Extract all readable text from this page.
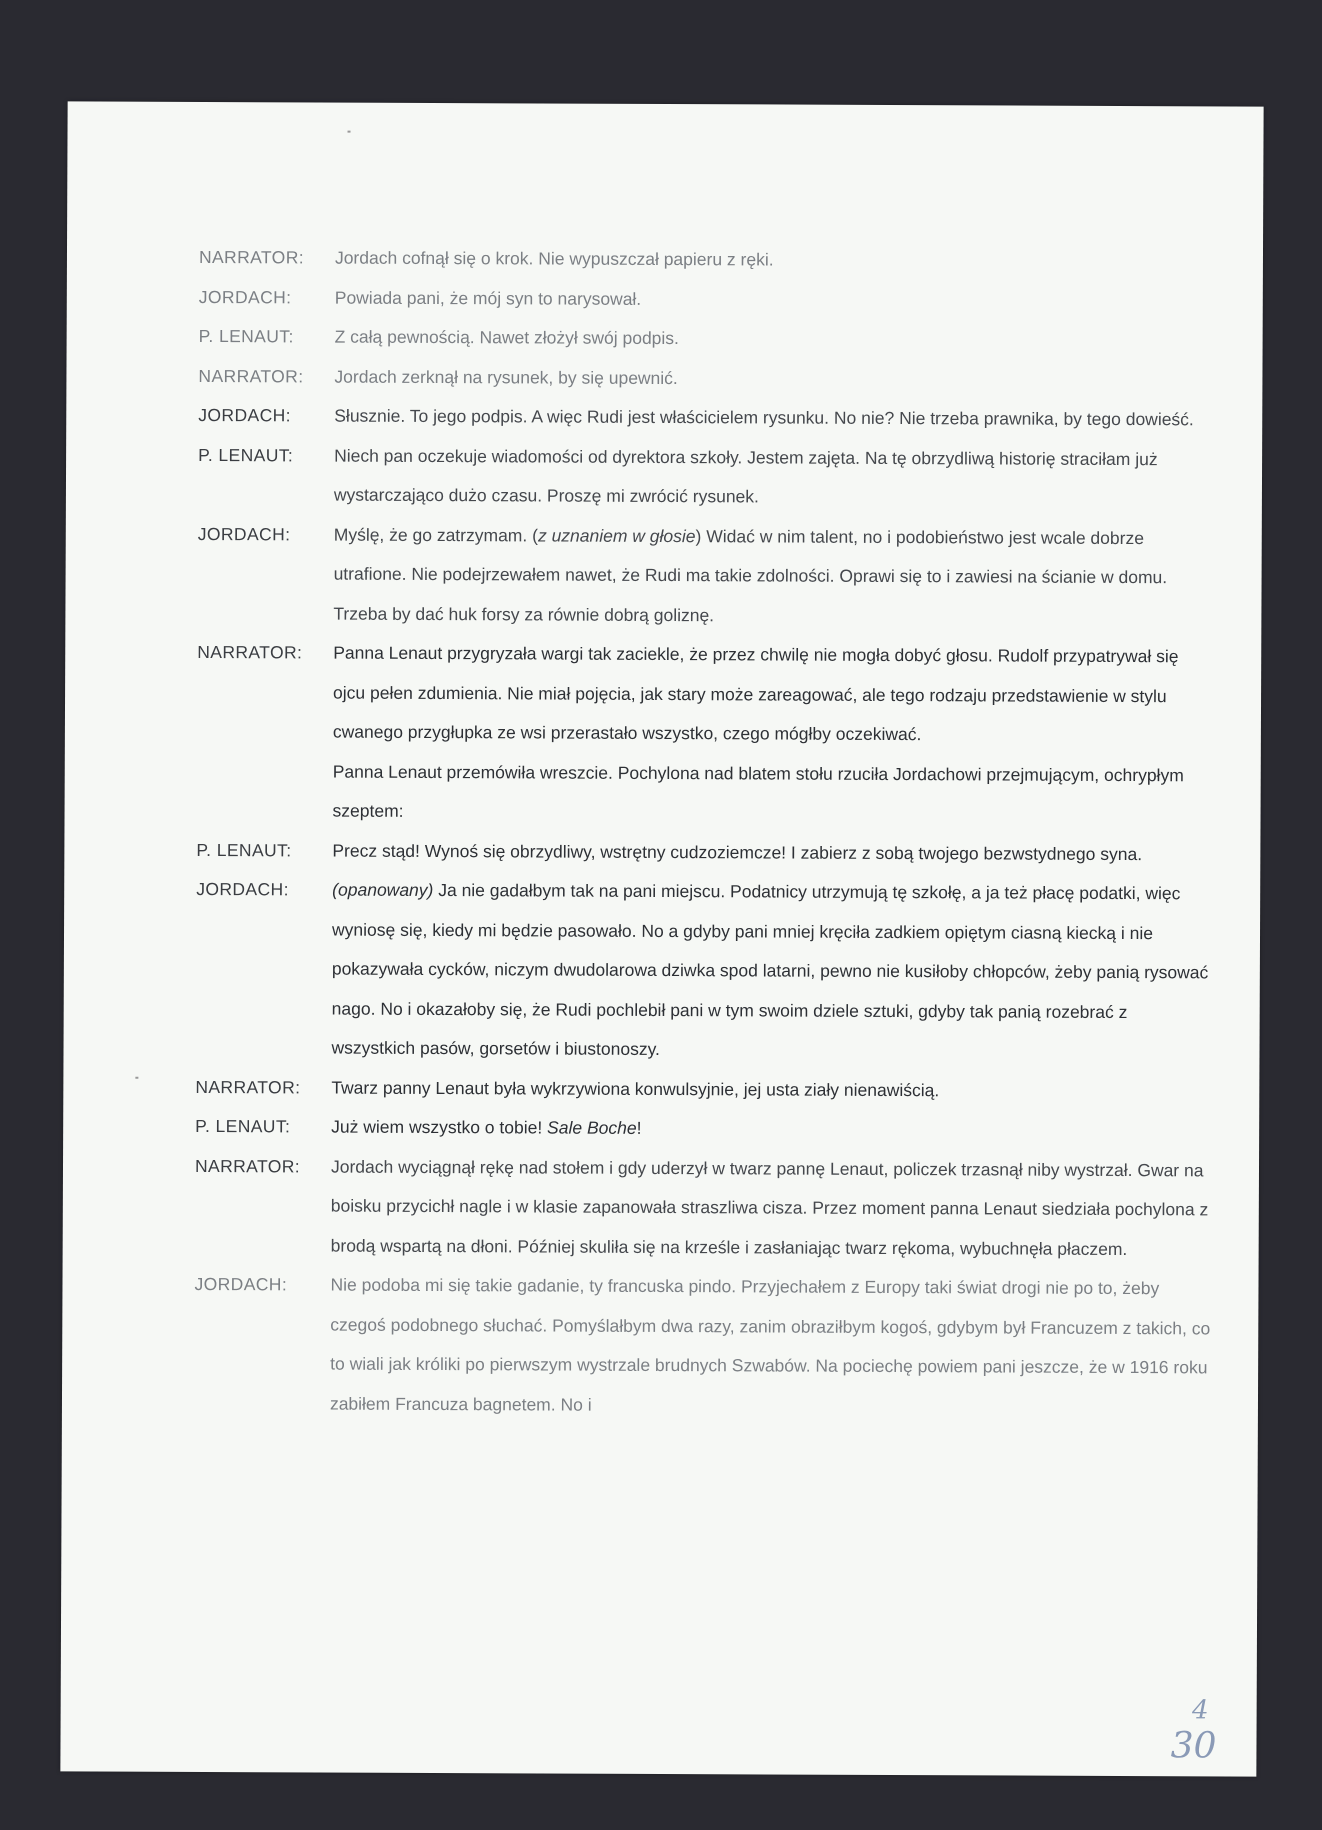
NARRATOR:	Jordach cofnął się o krok. Nie wypuszczał papieru z ręki.
JORDACH:	Powiada pani, że mój syn to narysował.
P. LENAUT:	Z całą pewnością. Nawet złożył swój podpis.
NARRATOR:	Jordach zerknął na rysunek, by się upewnić.
JORDACH:	Słusznie. To jego podpis. A więc Rudi jest właścicielem rysunku. No nie? Nie trzeba prawnika, by tego dowieść.
P. LENAUT:	Niech pan oczekuje wiadomości od dyrektora szkoły. Jestem zajęta. Na tę obrzydliwą historię straciłam już wystarczająco dużo czasu. Proszę mi zwrócić rysunek.
JORDACH:	Myślę, że go zatrzymam. (z uznaniem w głosie) Widać w nim talent, no i podobieństwo jest wcale dobrze utrafione. Nie podejrzewałem nawet, że Rudi ma takie zdolności. Oprawi się to i zawiesi na ścianie w domu. Trzeba by dać huk forsy za równie dobrą goliznę.
NARRATOR:	Panna Lenaut przygryzała wargi tak zaciekle, że przez chwilę nie mogła dobyć głosu. Rudolf przypatrywał się ojcu pełen zdumienia. Nie miał pojęcia, jak stary może zareagować, ale tego rodzaju przedstawienie w stylu cwanego przygłupka ze wsi przerastało wszystko, czego mógłby oczekiwać.
Panna Lenaut przemówiła wreszcie. Pochylona nad blatem stołu rzuciła Jordachowi przejmującym, ochrypłym szeptem:
P. LENAUT:	Precz stąd! Wynoś się obrzydliwy, wstrętny cudzoziemcze! I zabierz z sobą twojego bezwstydnego syna.
JORDACH:	(opanowany) Ja nie gadałbym tak na pani miejscu. Podatnicy utrzymują tę szkołę, a ja też płacę podatki, więc wyniosę się, kiedy mi będzie pasowało. No a gdyby pani mniej kręciła zadkiem opiętym ciasną kiecką i nie pokazywała cycków, niczym dwudolarowa dziwka spod latarni, pewno nie kusiłoby chłopców, żeby panią rysować nago. No i okazałoby się, że Rudi pochlebił pani w tym swoim dziele sztuki, gdyby tak panią rozebrać z wszystkich pasów, gorsetów i biustonoszy.
NARRATOR:	Twarz panny Lenaut była wykrzywiona konwulsyjnie, jej usta ziały nienawiścią.
P. LENAUT:	Już wiem wszystko o tobie! Sale Boche!
NARRATOR:	Jordach wyciągnął rękę nad stołem i gdy uderzył w twarz pannę Lenaut, policzek trzasnął niby wystrzał. Gwar na boisku przycichł nagle i w klasie zapanowała straszliwa cisza. Przez moment panna Lenaut siedziała pochylona z brodą wspartą na dłoni. Później skuliła się na krześle i zasłaniając twarz rękoma, wybuchnęła płaczem.
JORDACH:	Nie podoba mi się takie gadanie, ty francuska pindo. Przyjechałem z Europy taki świat drogi nie po to, żeby czegoś podobnego słuchać. Pomyślałbym dwa razy, zanim obraziłbym kogoś, gdybym był Francuzem z takich, co to wiali jak króliki po pierwszym wystrzale brudnych Szwabów. Na pociechę powiem pani jeszcze, że w 1916 roku zabiłem Francuza bagnetem. No i
4
30
